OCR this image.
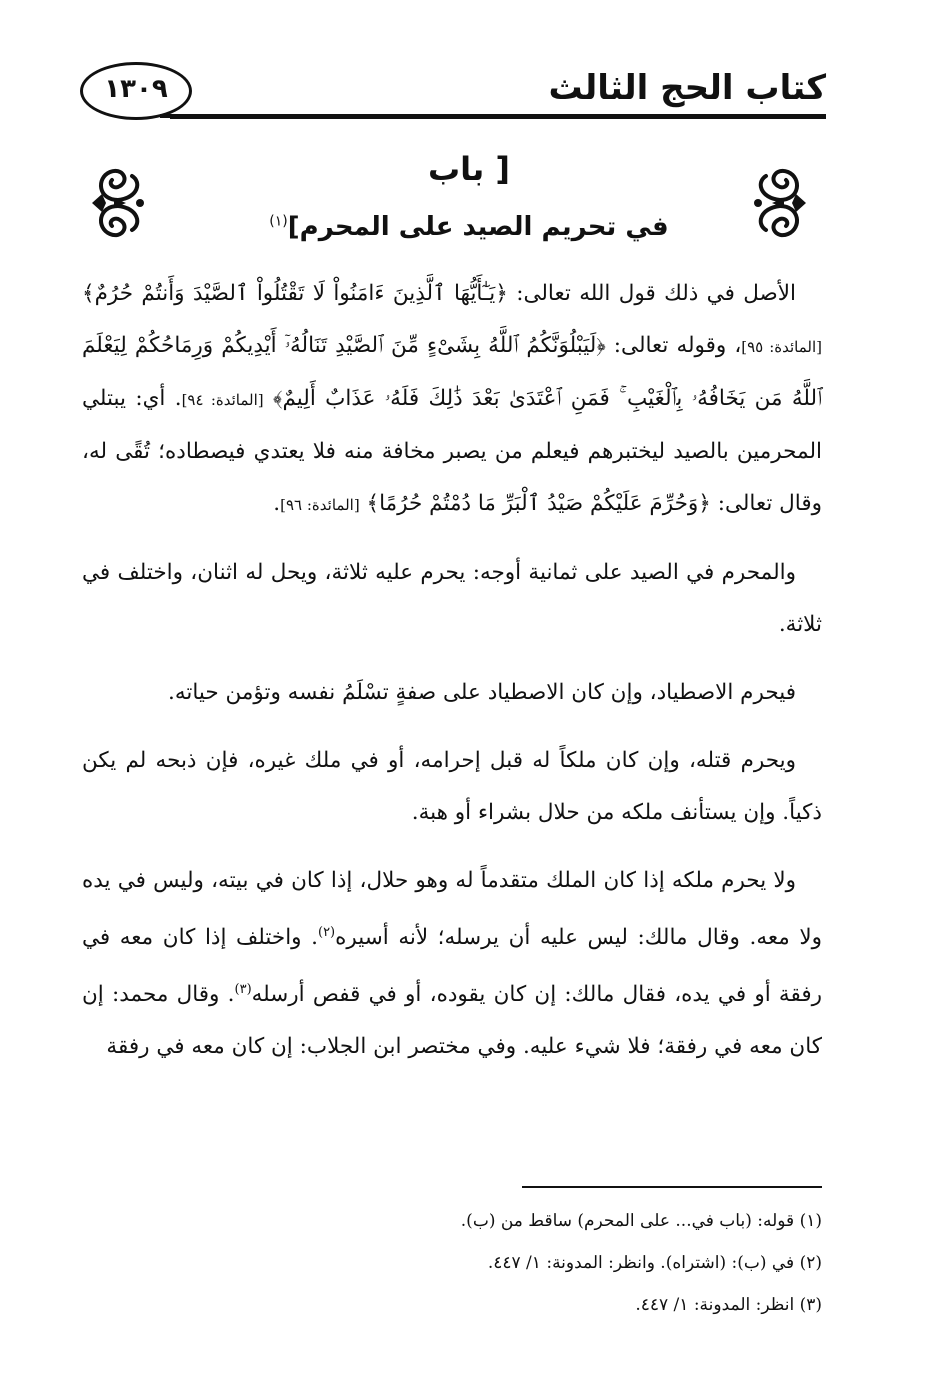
كتاب الحج الثالث
١٣٠٩
[ باب
في تحريم الصيد على المحرم]$^{(١)}$

الأصل في ذلك قول الله تعالى: ﴿يَـٰٓأَيُّهَا ٱلَّذِينَ ءَامَنُواْ لَا تَقْتُلُواْ ٱلصَّيْدَ وَأَنتُمْ حُرُمٌ﴾ [المائدة: ٩٥]، وقوله تعالى: ﴿لَيَبْلُوَنَّكُمُ ٱللَّهُ بِشَىْءٍ مِّنَ ٱلصَّيْدِ تَنَالُهُۥٓ أَيْدِيكُمْ وَرِمَاحُكُمْ لِيَعْلَمَ ٱللَّهُ مَن يَخَافُهُۥ بِٱلْغَيْبِ ۚ فَمَنِ ٱعْتَدَىٰ بَعْدَ ذَٰلِكَ فَلَهُۥ عَذَابٌ أَلِيمٌ﴾ [المائدة: ٩٤]. أي: يبتلي المحرمين بالصيد ليختبرهم فيعلم من يصبر مخافة منه فلا يعتدي فيصطاده؛ تُقًى له، وقال تعالى: ﴿وَحُرِّمَ عَلَيْكُمْ صَيْدُ ٱلْبَرِّ مَا دُمْتُمْ حُرُمًا﴾ [المائدة: ٩٦].

والمحرم في الصيد على ثمانية أوجه: يحرم عليه ثلاثة، ويحل له اثنان، واختلف في ثلاثة.

فيحرم الاصطياد، وإن كان الاصطياد على صفةٍ تسْلَمُ نفسه وتؤمن حياته.

ويحرم قتله، وإن كان ملكاً له قبل إحرامه، أو في ملك غيره، فإن ذبحه لم يكن ذكياً. وإن يستأنف ملكه من حلال بشراء أو هبة.

ولا يحرم ملكه إذا كان الملك متقدماً له وهو حلال، إذا كان في بيته، وليس في يده ولا معه. وقال مالك: ليس عليه أن يرسله؛ لأنه أسيره$^{(٢)}$. واختلف إذا كان معه في رفقة أو في يده، فقال مالك: إن كان يقوده، أو في قفص أرسله$^{(٣)}$. وقال محمد: إن كان معه في رفقة؛ فلا شيء عليه. وفي مختصر ابن الجلاب: إن كان معه في رفقة

(١) قوله: (باب في... على المحرم) ساقط من (ب).
(٢) في (ب): (اشتراه). وانظر: المدونة: ١/ ٤٤٧.
(٣) انظر: المدونة: ١/ ٤٤٧.
